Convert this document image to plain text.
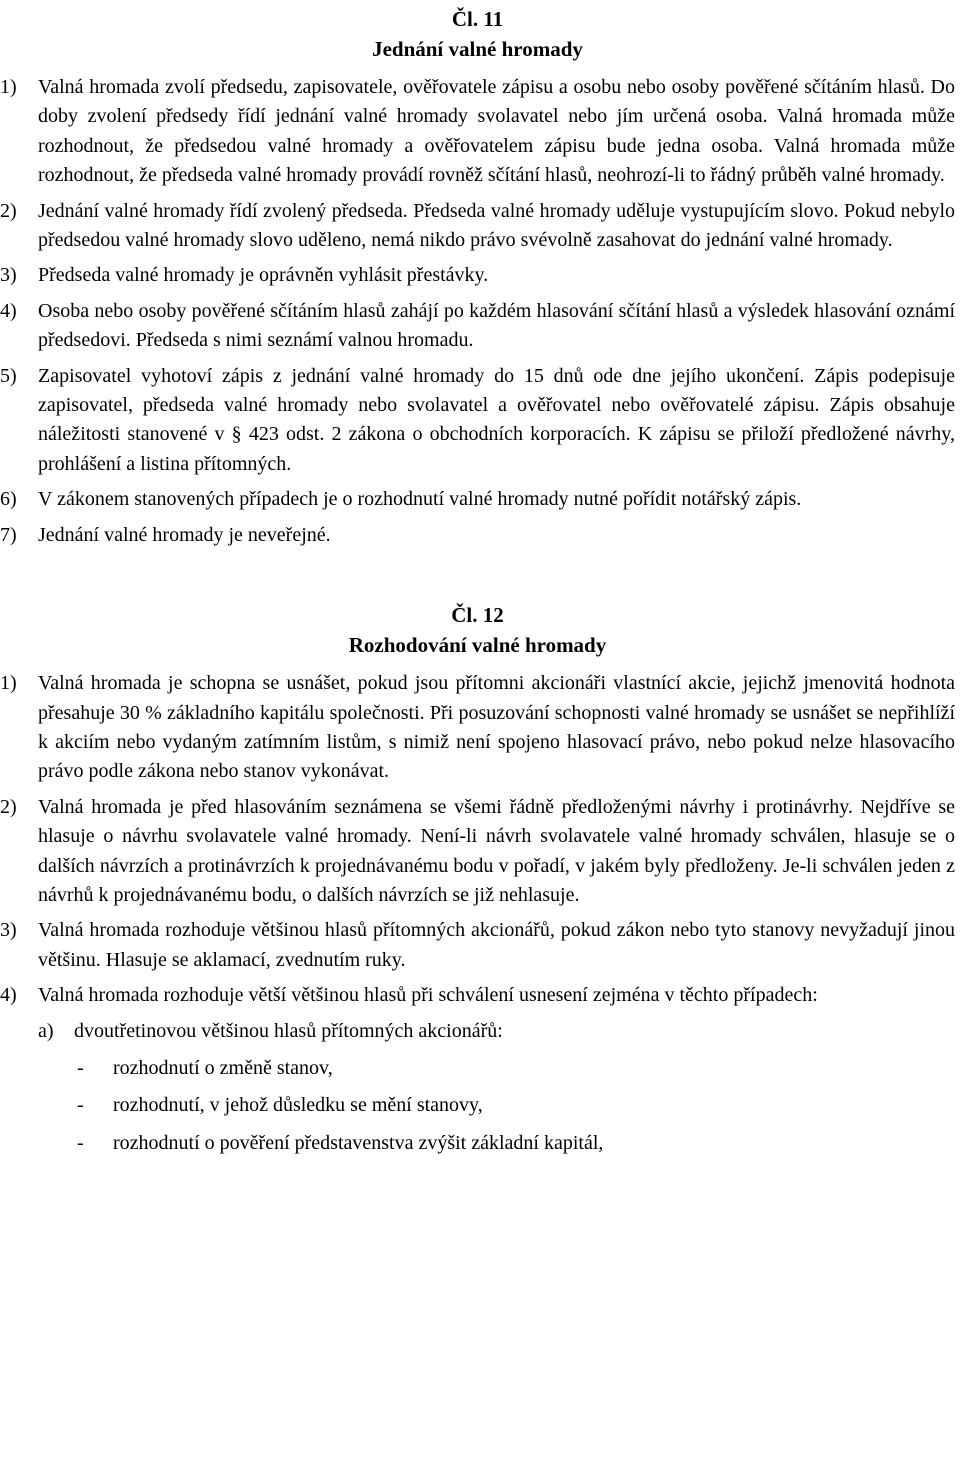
Čl. 11
Jednání valné hromady
1) Valná hromada zvolí předsedu, zapisovatele, ověřovatele zápisu a osobu nebo osoby pověřené sčítáním hlasů. Do doby zvolení předsedy řídí jednání valné hromady svolavatel nebo jím určená osoba. Valná hromada může rozhodnout, že předsedou valné hromady a ověřovatelem zápisu bude jedna osoba. Valná hromada může rozhodnout, že předseda valné hromady provádí rovněž sčítání hlasů, neohrozí-li to řádný průběh valné hromady.
2) Jednání valné hromady řídí zvolený předseda. Předseda valné hromady uděluje vystupujícím slovo. Pokud nebylo předsedou valné hromady slovo uděleno, nemá nikdo právo svévolně zasahovat do jednání valné hromady.
3) Předseda valné hromady je oprávněn vyhlásit přestávky.
4) Osoba nebo osoby pověřené sčítáním hlasů zahájí po každém hlasování sčítání hlasů a výsledek hlasování oznámí předsedovi. Předseda s nimi seznámí valnou hromadu.
5) Zapisovatel vyhotoví zápis z jednání valné hromady do 15 dnů ode dne jejího ukončení. Zápis podepisuje zapisovatel, předseda valné hromady nebo svolavatel a ověřovatel nebo ověřovatelé zápisu. Zápis obsahuje náležitosti stanovené v § 423 odst. 2 zákona o obchodních korporacích. K zápisu se přiloží předložené návrhy, prohlášení a listina přítomných.
6) V zákonem stanovených případech je o rozhodnutí valné hromady nutné pořídit notářský zápis.
7) Jednání valné hromady je neveřejné.
Čl. 12
Rozhodování valné hromady
1) Valná hromada je schopna se usnášet, pokud jsou přítomni akcionáři vlastnící akcie, jejichž jmenovitá hodnota přesahuje 30 % základního kapitálu společnosti. Při posuzování schopnosti valné hromady se usnášet se nepřihlíží k akciím nebo vydaným zatímním listům, s nimiž není spojeno hlasovací právo, nebo pokud nelze hlasovacího právo podle zákona nebo stanov vykonávat.
2) Valná hromada je před hlasováním seznámena se všemi řádně předloženými návrhy i protinávrhy. Nejdříve se hlasuje o návrhu svolavatele valné hromady. Není-li návrh svolavatele valné hromady schválen, hlasuje se o dalších návrzích a protinávrzích k projednávanému bodu v pořadí, v jakém byly předloženy. Je-li schválen jeden z návrhů k projednávanému bodu, o dalších návrzích se již nehlasuje.
3) Valná hromada rozhoduje většinou hlasů přítomných akcionářů, pokud zákon nebo tyto stanovy nevyžadují jinou většinu. Hlasuje se aklamací, zvednutím ruky.
4) Valná hromada rozhoduje větší většinou hlasů při schválení usnesení zejména v těchto případech:
a) dvoutřetinovou většinou hlasů přítomných akcionářů:
- rozhodnutí o změně stanov,
- rozhodnutí, v jehož důsledku se mění stanovy,
- rozhodnutí o pověření představenstva zvýšit základní kapitál,
